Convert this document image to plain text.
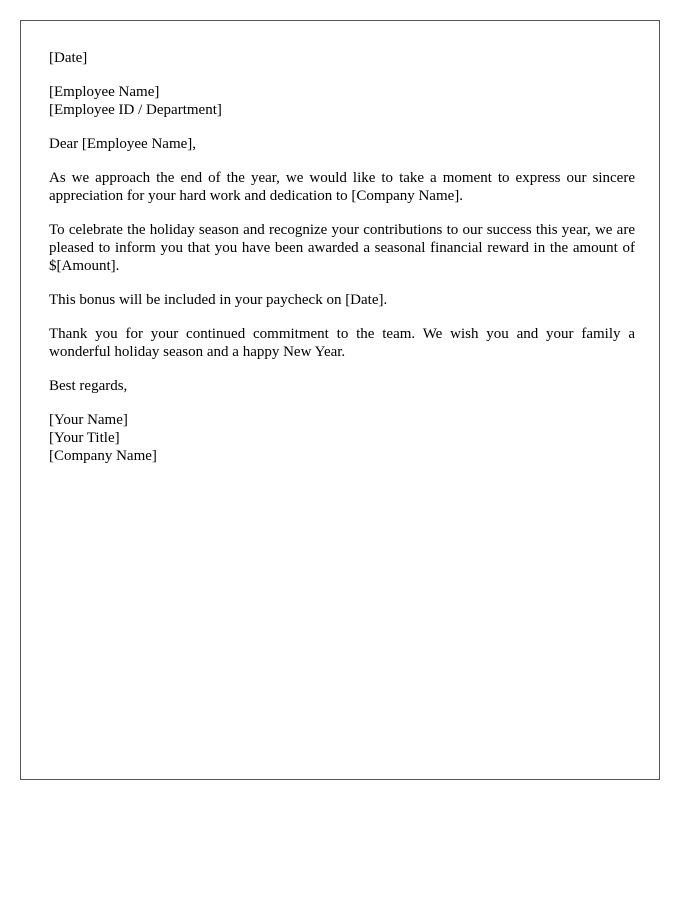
[Date]
[Employee Name]
[Employee ID / Department]
Dear [Employee Name],

As we approach the end of the year, we would like to take a moment to express our sincere appreciation for your hard work and dedication to [Company Name].

To celebrate the holiday season and recognize your contributions to our success this year, we are pleased to inform you that you have been awarded a seasonal financial reward in the amount of $[Amount].

This bonus will be included in your paycheck on [Date].

Thank you for your continued commitment to the team. We wish you and your family a wonderful holiday season and a happy New Year.

Best regards,
[Your Name]
[Your Title]
[Company Name]
